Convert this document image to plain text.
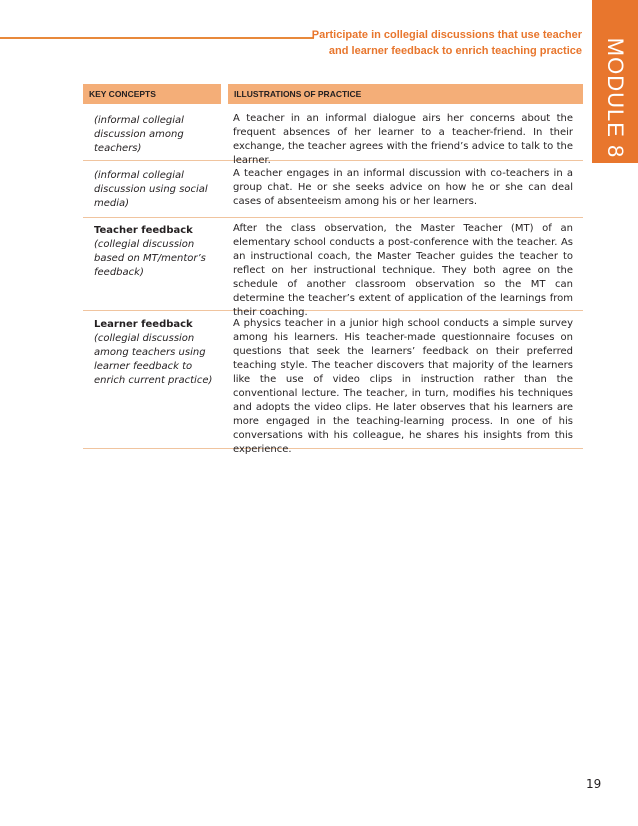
Participate in collegial discussions that use teacher
and learner feedback to enrich teaching practice MODULE 8
KEY CONCEPTS	ILLUSTRATIONS OF PRACTICE
(informal collegial discussion among teachers)
A teacher in an informal dialogue airs her concerns about the frequent absences of her learner to a teacher-friend. In their exchange, the teacher agrees with the friend’s advice to talk to the learner.
(informal collegial discussion using social media)
A teacher engages in an informal discussion with co-teachers in a group chat. He or she seeks advice on how he or she can deal cases of absenteeism among his or her learners.
Teacher feedback
(collegial discussion based on MT/mentor’s feedback)
After the class observation, the Master Teacher (MT) of an elementary school conducts a post-conference with the teacher. As an instructional coach, the Master Teacher guides the teacher to reflect on her instructional technique. They both agree on the schedule of another classroom observation so the MT can determine the teacher’s extent of application of the learnings from their coaching.
Learner feedback
(collegial discussion among teachers using learner feedback to enrich current practice)
A physics teacher in a junior high school conducts a simple survey among his learners. His teacher-made questionnaire focuses on questions that seek the learners’ feedback on their preferred teaching style. The teacher discovers that majority of the learners like the use of video clips in instruction rather than the conventional lecture. The teacher, in turn, modifies his techniques and adopts the video clips. He later observes that his learners are more engaged in the teaching-learning process. In one of his conversations with his colleague, he shares his insights from this experience.
19
